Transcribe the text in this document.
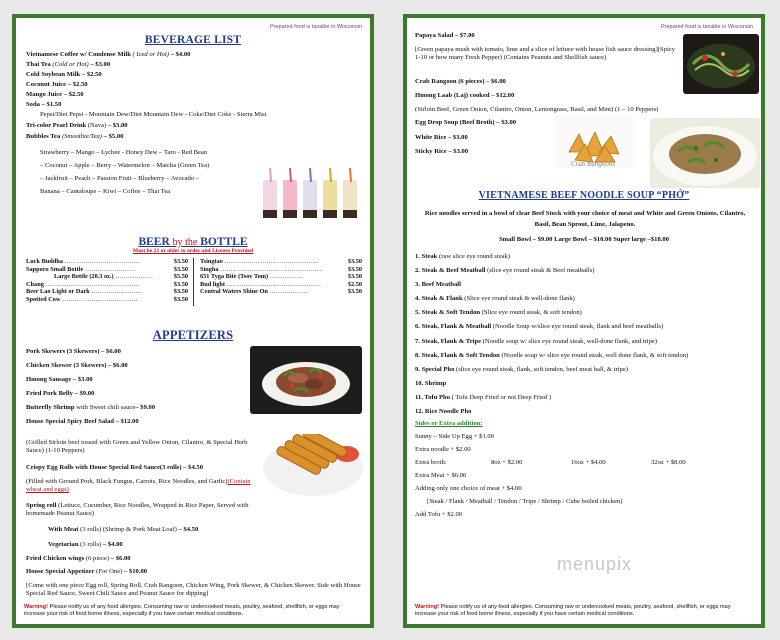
Prepared food is taxable in Wisconsin

BEVERAGE LIST

Vietnamese Coffee w/ Condense Milk ( Iced or Hot) – $4.00
Thai Tea (Cold or Hot) – $3.00
Cold Soybean Milk – $2.50
Coconut Juice – $2.50
Mango Juice – $2.50
Soda – $1.50
Pepsi/Diet Pepsi - Mountain Dew/Diet Mountain Dew - Coke/Diet Coke - Sierra Mist
Tri-color Pearl Drink (Nava) – $3.00
Bubbles Tea (Smoothie/Tea) – $5.00
Strawberry – Mango – Lychee - Honey Dew – Taro - Red Bean
– Coconut – Apple – Berry – Watermelon – Matcha (Green Tea)
– Jackfruit – Peach – Passion Fruit – Blueberry – Avocado –
Banana – Cantaloupe – Kiwi – Coffee – Thai Tea
BEER by the BOTTLE
Must be 21 or older to order and License Provided
Luck Buddha ………………………………	$3.50
Sapporo Small Bottle ……………………	$3.50
Large Bottle (20.3 oz.) ………………	$5.50
Chang ………………………………………	$3.50
Beer Lao Light or Dark ……………………	$3.50
Spotted Cow ………………………………	$3.50
Tsingtao ………………………………………	$3.50
Singha ………………………………………….	$3.50
651 Tyga Bite (Tsov Tom) …………….	$3.50
Bud light ………………………………………	$2.50
Central Waters Shine On ………………	$3.50

APPETIZERS

Pork Skewers (3 Skewers) – $6.00
Chicken Skewer (3 Skewers) – $6.00
Hmong Sausage – $3.00
Fried Pork Belly – $9.00
Butterfly Shrimp with Sweet chili sauce– $9.00
House Special Spicy Beef Salad – $12.00
(Grilled Sirloin beef tossed with Green and Yellow Onion, Cilantro, & Special Herb Sauce) (1-10 Peppers)
Crispy Egg Rolls with House Special Red Sauce(3 rolls) – $4.50
(Filled with Ground Pork, Black Fungus, Carrots, Rice Noodles, and Garlic)(Contain wheat and eggs)
Spring roll (Lettuce, Cucumber, Rice Noodles, Wrapped in Rice Paper, Served with homemade Peanut Sauce)
With Meat (3 rolls) (Shrimp & Pork Meat Loaf) – $4.50
Vegetarian (3 rolls) – $4.00
Fried Chicken wings (6 piece) – $6.00
House Special Appetizer (For One) – $10.00
[Come with one piece Egg roll, Spring Roll, Crab Rangoon, Chicken Wing, Pork Skewer, & Chicken Skewer. Side with House Special Red Sauce, Sweet Chili Sauce and Peanut Sauce for dipping]
Warning! Please notify us of any food allergies. Consuming raw or undercooked meats, poultry, seafood, shellfish, or eggs may increase your risk of food borne illness, especially if you have certain medical conditions.
Prepared food is taxable in Wisconsin
Papaya Salad – $7.00
[Green papaya mush with tomato, lime and a slice of lettuce with house fish sauce dressing](Spicy 1-10 or how many Fresh Pepper) (Contains Peanuts and Shellfish sauce)
Crab Rangoon (6 pieces) – $6.00
Hmong Laab (Laj) cooked – $12.00
(Sirloin Beef, Green Onion, Cilantro, Onion, Lemongrass, Basil, and Mint) (1 – 10 Peppers)
Egg Drop Soup (Beef Broth) – $3.00
White Rice – $3.00
Sticky Rice – $3.00
Crab Rangoons

VIETNAMESE BEEF NOODLE SOUP “PHỞ”

Rice noodles served in a bowl of clear Beef Stock with your choice of meat and White and Green Onions, Cilantro, Basil, Bean Sprout, Lime, Jalapeno.
Small Bowl – $9.00 Large Bowl – $10.00 Super large –$18.00
1. Steak (raw slice eye round steak)
2. Steak & Beef Meatball (slice eye round steak & Beef meatballs)
3. Beef Meatball
4. Steak & Flank (Slice eye round steak & well-done flank)
5. Steak & Soft Tendon (Slice eye round steak, & soft tendon)
6. Steak, Flank & Meatball (Noodle Soup w/slice eye round steak, flank and beef meatballs)
7. Steak, Flank & Tripe (Noodle soup w/ slice eye round steak, well-done flank, and tripe)
8. Steak, Flank & Soft Tendon (Noodle soup w/ slice eye round steak, well done flank, & soft tendon)
9. Special Pho (slice eye round steak, flank, soft tendon, beef meat ball, & tripe)
10. Shrimp
11. Tofu Pho ( Tofu Deep Fried or not Deep Fried )
12. Rice Noodle Pho
Sides or Extra addition:
Sunny – Side Up Egg + $1.00
Extra noodle + $2.00
Extra broth:	8oz + $2.00	16oz + $4.00	32oz + $8.00
Extra Meat + $6.00
Adding only one choice of meat + $4.00
[Steak / Flank / Meatball / Tendon / Tripe / Shrimp / Cube boiled chicken]
Add Tofu + $2.00
menupix
Warning! Please notify us of any food allergies. Consuming raw or undercooked meats, poultry, seafood, shellfish, or eggs may increase your risk of food borne illness, especially if you have certain medical conditions.
